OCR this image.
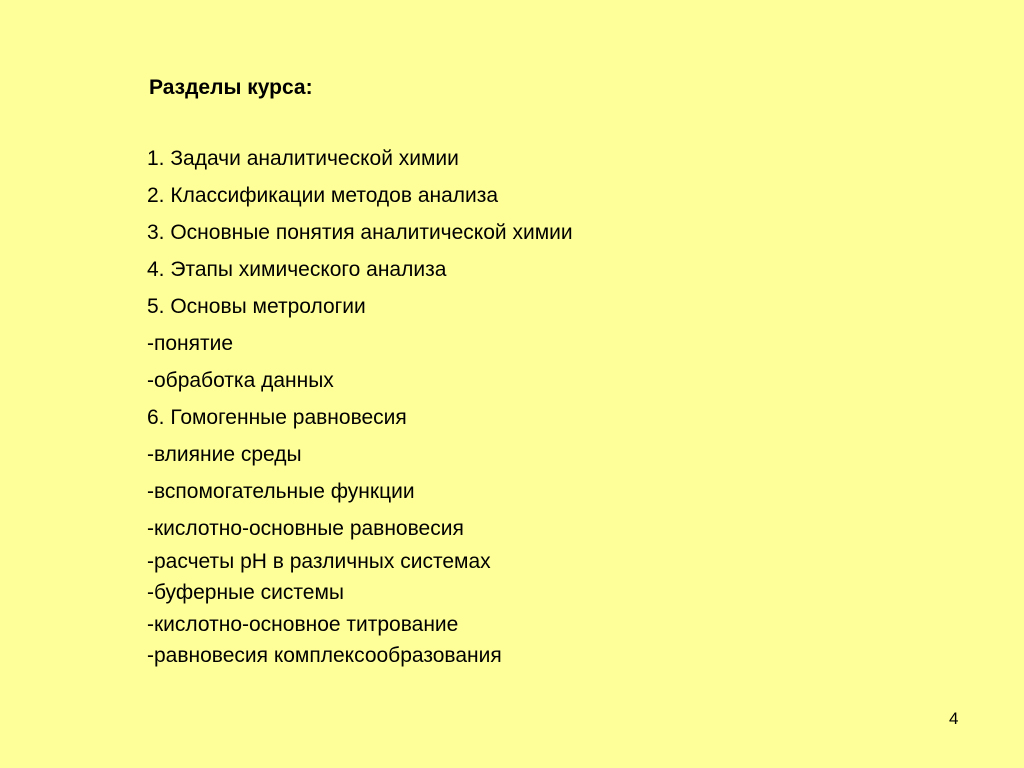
Разделы курса:
1. Задачи аналитической химии
2. Классификации методов анализа
3. Основные понятия аналитической химии
4. Этапы химического анализа
5. Основы метрологии
-понятие
-обработка данных
6. Гомогенные равновесия
-влияние среды
-вспомогательные функции
-кислотно-основные равновесия
-расчеты рН в различных системах
-буферные системы
-кислотно-основное титрование
-равновесия комплексообразования
4
